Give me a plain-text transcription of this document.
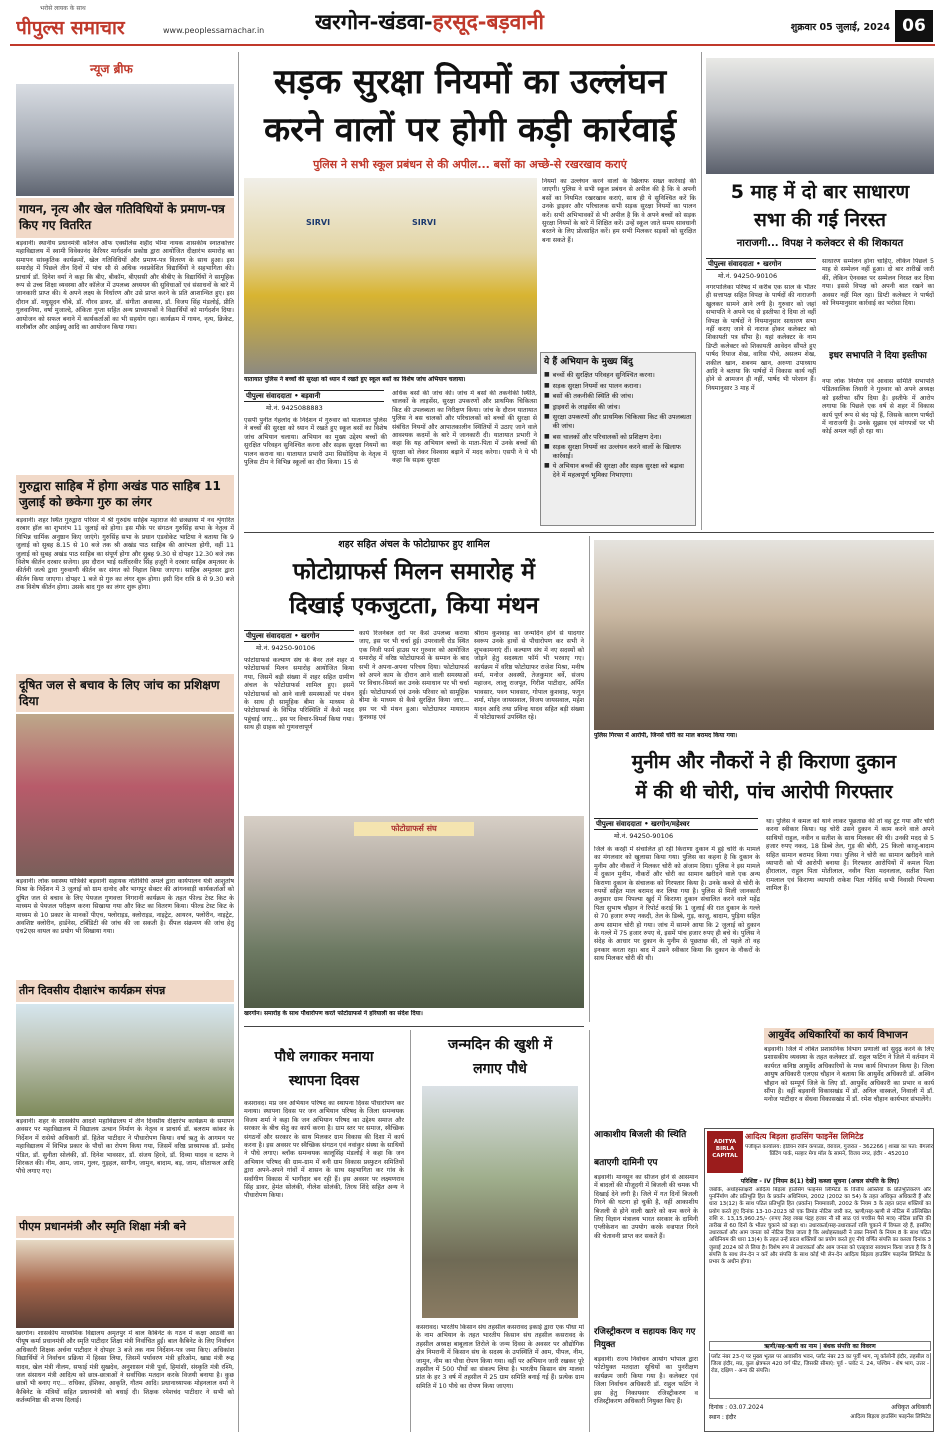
पीपुल्स समाचार
भरोसे लायक के साथ
www.peoplessamachar.in	खरगोन-खंडवा-हरसूद-बड़वानी	शुक्रवार 05 जुलाई, 2024 06
न्यूज ब्रीफ
गायन, नृत्य और खेल गतिविधियों के प्रमाण-पत्र किए गए वितरित
बड़वानी। स्थानीय प्रधानमंत्री कॉलेज ऑफ एक्सीलेंस शहीद भीमा नायक शासकीय स्नातकोत्तर महाविद्यालय में स्वामी विवेकानंद कैरियर मार्गदर्शन प्रकोष्ठ द्वारा आयोजित दीक्षारंभ समारोह का समापन सांस्कृतिक कार्यक्रमों, खेल गतिविधियों और प्रमाण-पत्र वितरण के साथ हुआ। इस समारोह में पिछले तीन दिनों में पांच सौ से अधिक नवप्रवेशित विद्यार्थियों ने सहभागिता की। प्राचार्य डॉ. दिनेश वर्मा ने कहा कि बीए, बीकॉम, बीएससी और बीबीए के विद्यार्थियों ने सामूहिक रूप से उच्च शिक्षा व्यवस्था और कॉलेज में उपलब्ध अध्ययन की सुविधाओं एवं संसाधनों के बारे में जानकारी प्राप्त की। ये अपने लक्ष्य के निर्धारण और उसे प्राप्त करने के प्रति आशान्वित हुए। इस दौरान डॉ. मधुसूदन चौबे, डॉ. गौरव डावर, डॉ. संगीता अवास्या, डॉ. विजय सिंह मंडलोई, प्रीति गुलवानिया, वर्षा मुजाल्दे, अंकिता गुप्ता सहित अन्य प्राध्यापकों ने विद्यार्थियों को मार्गदर्शन दिया। आयोजन को सफल बनाने में कार्यकर्ताओं का भी सहयोग रहा। कार्यक्रम में गायन, नृत्य, क्रिकेट, वालीबॉल और आईक्यू आदि का आयोजन किया गया।
गुरुद्वारा साहिब में होगा अखंड पाठ साहिब 11 जुलाई को छकेगा गुरु का लंगर
बड़वानी। शहर स्थित गुरुद्वारा परिसर में श्री गुरुग्रंथ साहिब महाराज की छत्रछाया में नव शृंगारित दरबार हॉल का शुभारंभ 11 जुलाई को होगा। इस मौके पर संगठन गुरुसिंह सभा के नेतृत्व में विभिन्न धार्मिक अनुष्ठान किए जाएंगे। गुरुसिंह सभा के प्रधान एडवोकेट भाटिया ने बताया कि 9 जुलाई को सुबह 8.15 से 10 बजे तक श्री अखंड पाठ साहिब की आरंभता होगी, वहीं 11 जुलाई को सुबह अखंड पाठ साहिब का संपूर्ण होगा और सुबह 9.30 से दोपहर 12.30 बजे तक विशेष कीर्तन दरबार सजेगा। इस दौरान भाई सतींदरवीर सिंह हजूरी ने दरबार साहिब अमृतसर के कीर्तनी जत्थे द्वारा गुरुवाणी कीर्तन कर संगत को निहाल किया जाएगा। साहिब अमृतसर द्वारा कीर्तन किया जाएगा। दोपहर 1 बजे से गुरु का लंगर शुरू होगा। इसी दिन रात्रि 8 से 9.30 बजे तक विशेष कीर्तन होगा। उसके बाद गुरु का लंगर शुरू होगा।
दूषित जल से बचाव के लिए जांच का प्रशिक्षण दिया
बड़वानी। लोक स्वास्थ्य यांत्रिकी बड़वानी सहायक नतिविधि अमले द्वारा कार्यपालन यंत्री आशुतोष मिश्रा के निर्देशन में 3 जुलाई को ग्राम दानोद और भागपुर सेक्टर की आंगनवाड़ी कार्यकर्ताओं को दूषित जल से बचाव के लिए पेयजल गुणवत्ता निगरानी कार्यक्रम के तहत फील्ड टेस्ट किट के माध्यम से पेयजल परीक्षण करना सिखाया गया और किट का वितरण किया। फील्ड टेस्ट किट के माध्यम से 10 प्रकार के मानकों पीएच, फ्लोराइड, क्लोराइड, नाइट्रेट, आयरन, फ्लोरीन, नाइट्रेट, अवशिष्ट क्लोरीन, हार्डनेस, टर्बिडिटी की जांच की जा सकती है। सैंपल संक्रमण की जांच हेतु एच2एस वायल का प्रयोग भी सिखाया गया।
तीन दिवसीय दीक्षारंभ कार्यक्रम संपन्न
बड़वानी। शहर के शासकीय आदर्श महाविद्यालय में तीन दिवसीय दीक्षारंभ कार्यक्रम के समापन अवसर पर महाविद्यालय में विद्यालय उत्थान निर्माण के नेतृत्व व प्राचार्य डॉ. बलराम कांकर के निर्देशन में रासेयो अधिकारी डॉ. हितेश पाटीदार ने पौधारोपण किया। वर्षा ऋतु के आगमन पर महाविद्यालय में विभिन्न प्रकार के पौधों का रोपण किया गया, जिसमें वरिष्ठ प्राध्यापक डॉ. प्रमोद पंडित, डॉ. सुनीता सोलंकी, डॉ. दिनेश भावसार, डॉ. संजय हिरवे, डॉ. दिव्या यादव व स्टाफ ने शिरकत की। नीम, आम, जाम, गुलर, गुड़हल, सागौन, जामुन, बादाम, बड़, जाम, सीताफल आदि पौधे लगाए गए।
पीएम प्रधानमंत्री और स्मृति शिक्षा मंत्री बने
खरगोन। शासकीय माध्यमिक विद्यालय अमृतपुर में बाल कैबिनेट के गठन में कक्षा आठवीं का पीयूष कर्मा प्रधानमंत्री और स्मृति पाटीदार शिक्षा मंत्री निर्वाचित हुईं। बाल कैबिनेट के लिए निर्वाचन अधिकारी शिक्षक अर्चना पाटीदार ने दोपहर 3 बजे तक नाम निर्देशन-पत्र जमा किए। अधिकांश विद्यार्थियों ने निर्वाचन प्रक्रिया में हिस्सा लिया, जिसमें पर्यावरण मंत्री हरिओम, खाद्य मंत्री रूद्र यादव, खेल मंत्री नीलम, सफाई मंत्री सुखदेव, अनुशासन मंत्री पूर्वा, हिमांशी, संस्कृति मंत्री रश्मि, जल संसाधन मंत्री आदित्य को छात्र-छात्राओं ने सर्वाधिक मतदान करके विजयी बनाया है। कुछ छात्रों भी बनाए गए... राधिका, ईशिका, आकृति, गौतम आदि। प्रधानाध्यापक मोहनलाल वर्मा ने कैबिनेट के मंत्रियों सहित प्रधानमंत्री को बधाई दी। शिक्षक रमेशचंद पाटीदार ने सभी को कर्तव्यनिष्ठा की शपथ दिलाई।
सड़क सुरक्षा नियमों का उल्लंघन
करने वालों पर होगी कड़ी कार्रवाई
पुलिस ने सभी स्कूल प्रबंधन से की अपील... बसों का अच्छे-से रखरखाव कराएं
SIRVI	SIRVI
यातायात पुलिस ने बच्चों की सुरक्षा को ध्यान में रखते हुए स्कूल बसों का विशेष जांच अभियान चलाया।
पीपुल्स संवाददाता • बड़वानी
मो.नं. 9425088883
एसपी पुनीत गेहलोद के निर्देशन में गुरुवार को यातायात पुलिस ने बच्चों की सुरक्षा को ध्यान में रखते हुए स्कूल बसों का विशेष जांच अभियान चलाया। अभियान का मुख्य उद्देश्य बच्चों की सुरक्षित परिवहन सुनिश्चित करना और सड़क सुरक्षा नियमों का पालन कराना था। यातायात प्रभारी उमा सिसोदिया के नेतृत्व में पुलिस टीम ने विभिन्न स्कूलों का दौरा किया। 15 से
अधिक बसों की जांच की। जांच में बसों की तकनीकी स्थिति, चालकों के लाइसेंस, सुरक्षा उपकरणों और प्राथमिक चिकित्सा किट की उपलब्धता का निरीक्षण किया। जांच के दौरान यातायात पुलिस ने बस चालकों और परिचालकों को बच्चों की सुरक्षा से संबंधित नियमों और आपातकालीन स्थितियों में उठाए जाने वाले आवश्यक कदमों के बारे में जानकारी दी। यातायात प्रभारी ने कहा कि यह अभियान बच्चों के माता-पिता में उनके बच्चों की सुरक्षा को लेकर विश्वास बढ़ाने में मदद करेगा। एसपी ने ये भी कहा कि सड़क सुरक्षा
नियमों का उल्लंघन करने वालों के खिलाफ सख्त कार्रवाई की जाएगी। पुलिस ने सभी स्कूल प्रबंधन से अपील की है कि वे अपनी बसों का नियमित रखरखाव कराएं, साथ ही ये सुनिश्चित करें कि उनके ड्राइवर और परिचालक सभी सड़क सुरक्षा नियमों का पालन करें। सभी अभिभावकों से भी अपील है कि वे अपने बच्चों को सड़क सुरक्षा नियमों के बारे में शिक्षित करें। उन्हें स्कूल जाते समय सावधानी बरतने के लिए प्रोत्साहित करें। हम सभी मिलकर सड़कों को सुरक्षित बना सकते हैं।
ये हैं अभियान के मुख्य बिंदु
■ बच्चों की सुरक्षित परिवहन सुनिश्चित करना।
■ सड़क सुरक्षा नियमों का पालन कराना।
■ बसों की तकनीकी स्थिति की जांच।
■ ड्राइवरों के लाइसेंस की जांच।
■ सुरक्षा उपकरणों और प्राथमिक चिकित्सा किट की उपलब्धता की जांच।
■ बस चालकों और परिचालकों को प्रशिक्षण देना।
■ सड़क सुरक्षा नियमों का उल्लंघन करने वालों के खिलाफ कार्रवाई।
■ ये अभियान बच्चों की सुरक्षा और सड़क सुरक्षा को बढ़ावा देने में महत्वपूर्ण भूमिका निभाएगा।
5 माह में दो बार साधारण
सभा की गई निरस्त
नाराजगी... विपक्ष ने कलेक्टर से की शिकायत
पीपुल्स संवाददाता • खरगोन
मो.नं. 94250-90106
नगरपालिका परिषद में करीब एक साल के भीतर ही सत्तापक्ष सहित विपक्ष के पार्षदों की नाराजगी खुलकर सामने आने लगी है। गुरुवार को जहां सभापति ने अपने पद से इस्तीफा दे दिया तो वहीं विपक्ष के पार्षदों ने नियमानुसार साधारण सभा नहीं कराए जाने से नाराज होकर कलेक्टर को शिकायती पत्र सौंपा है। यहां कलेक्टर के नाम डिप्टी कलेक्टर को शिकायती आवेदन सौंपते हुए पार्षद रियाज शेख, वारिस पौचे, असलम शेख, शकील खान, शबनम खान, अरुणा उपाध्याय आदि ने बताया कि पार्षदों में विकास कार्य नहीं होने से आमजन ही नहीं, पार्षद भी परेशान हैं। नियमानुसार 3 माह में
साधारण सम्मेलन होना चाहिए, लेकिन पिछले 5 माह से सम्मेलन नहीं हुआ। दो बार तारीखें जारी कीं, लेकिन ऐनवक्त पर सम्मेलन निरस्त कर दिया गया। इससे विपक्ष को अपनी बात रखने का अवसर नहीं मिल रहा। डिप्टी कलेक्टर ने पार्षदों को नियमानुसार कार्रवाई का भरोसा दिया।
इधर सभापति ने दिया इस्तीफा
नपा लोक निर्माण एवं आवास समिति सभापति पंडितवालिक तिवारी ने गुरुवार को अपने अध्यक्ष को इस्तीफा सौंप दिया है। इस्तीफे में आरोप लगाया कि पिछले एक वर्ष से शहर में विकास कार्य पूर्ण रूप से बंद पड़े हैं, जिसके कारण पार्षदों में नाराजगी है। उनके सुझाव एवं मांगपत्रों पर भी कोई अमल नहीं हो रहा था।
शहर सहित अंचल के फोटोग्राफर हुए शामिल
फोटोग्राफर्स मिलन समारोह में
दिखाई एकजुटता, किया मंथन
पीपुल्स संवाददाता • खरगोन
मो.नं. 94250-90106
फोटोग्राफर्स कल्याण संघ के बैनर तले शहर में फोटोग्राफर्स मिलन समारोह आयोजित किया गया, जिसमें बड़ी संख्या में शहर सहित ग्रामीण अंचल के फोटोग्राफर्स शामिल हुए। इसमें फोटोग्राफर्स को आने वाली समस्याओं पर मंथन के साथ ही सामूहिक बीमा के माध्यम से फोटोग्राफर्स के विभिन्न परिस्थिति में कैसे मदद पहुंचाई जाए... इस पर विचार-विमर्श किया गया। साथ ही ग्राहक को गुणवत्तापूर्ण
कार्य रिजनेबल दरों पर कैसे उपलब्ध कराया जाए, इस पर भी चर्चा हुई। उपरवाली रोड स्थित एक निजी फार्म हाउस पर गुरुवार को आयोजित समारोह में वरिष्ठ फोटोग्राफर्स के सम्मान के बाद सभी ने अपना-अपना परिचय दिया। फोटोग्राफर्स को अपने काम के दौरान आने वाली समस्याओं पर विचार-विमर्श कर उनके समाधान पर भी चर्चा हुई। फोटोग्राफर्स एवं उनके परिवार को सामूहिक बीमा के माध्यम से कैसे सुरक्षित किया जाए... इस पर भी मंथन हुआ। फोटोग्राफर मायाराम कुशवाह एवं
श्रीराम कुशवाह का जन्मदिन होने से यादगार स्वरूप उनके हाथों से पौधारोपण कर सभी ने शुभकामनाएं दीं। कल्याण संघ में नए सदस्यों को जोड़ने हेतु सदस्यता फॉर्म भी भरवाए गए। कार्यक्रम में वरिष्ठ फोटोग्राफर राजेश मिश्रा, मनीष वर्मा, मनोज अवस्थी, तेजकुमार बर्वे, संजय महाजन, लालू राजपूत, गिरीश पाटीदार, अर्पित भावसार, पवन भावसार, गोपाल कुशवाह, फगुन शर्मा, मोहन जायसवाल, विजय जायसवाल, महेश यादव आदि तथा प्रविन्द्र यादव सहित बड़ी संख्या में फोटोग्राफर्स उपस्थित रहे।
फोटोग्राफर्स संघ
खरगोन। समारोह के साथ पौधारोपण करते फोटोग्राफर्स ने हरियाली का संदेश दिया।
पुलिस गिरफ्त में आरोपी, जिनसे चोरी का माल बरामद किया गया।
मुनीम और नौकरों ने ही किराणा दुकान
में की थी चोरी, पांच आरोपी गिरफ्तार
पीपुल्स संवाददाता • खरगोन/महेश्वर
मो.नं. 94250-90106
जिले के करही में संचालित हो रही किराणा दुकान में हुई चोरी के मामले का मंगलवार को खुलासा किया गया। पुलिस का कहना है कि दुकान के मुनीम और नौकरों ने मिलकर चोरी को अंजाम दिया। पुलिस ने इस मामले में दुकान मुनीम, नौकरों और चोरी का सामान खरीदने वाले एक अन्य किराणा दुकान के संचालक को गिरफ्तार किया है। उनके कब्जे से चोरी के रुपयों सहित माल बरामद कर लिया गया है। पुलिस से मिली जानकारी अनुसार ग्राम पिपल्या खुर्द में किराणा दुकान संचालित करने वाले महेंद्र पिता सुभाष चौहान ने रिपोर्ट कराई कि 1 जुलाई की रात दुकान के गल्ले से 70 हजार रुपए नकदी, तेल के डिब्बे, गुड़, काजू, बादाम, पुड़िया सहित अन्य सामान चोरी हो गया। जांच में सामने आया कि 2 जुलाई को दुकान के गल्ले में 75 हजार रुपए थे, इसमें पांच हजार रुपए ही बचे थे। पुलिस ने संदेह के आधार पर दुकान के मुनीम से पूछताछ की, तो पहले तो वह इनकार करता रहा। बाद में उसने स्वीकार किया कि दुकान के नौकरों के साथ मिलकर चोरी की थी।
था। पुलिस ने कमल को थाने लाकर पूछताछ की तो वह टूट गया और चोरी करना स्वीकार किया। यह चोरी उसने दुकान में काम करने वाले अपने साथियों राहुल, नवीन व सतीश के साथ मिलकर की थी। उनकी मदद से 5 हजार रुपए नकद, 18 डिब्बे तेल, गुड़ की बोरी, 25 किलो काजू-बादाम सहित सामान बरामद किया गया। पुलिस ने चोरी का सामान खरीदने वाले व्यापारी को भी आरोपी बनाया है। गिरफ्तार आरोपियों में कमल पिता हीरालाल, राहुल पिता मोतीलाल, नवीन पिता मदनलाल, सतीश पिता रामलाल एवं किराणा व्यापारी राकेश पिता गोविंद सभी निवासी पिपल्या शामिल हैं।
पौधे लगाकर मनाया
स्थापना दिवस
कसरावद। मप्र जन अभियान परिषद का स्थापना दिवस पौधारोपण कर मनाया। स्थापना दिवस पर जन अभियान परिषद के जिला समन्वयक विजय शर्मा ने कहा कि जन अभियान परिषद का उद्देश्य समाज और सरकार के बीच सेतु का कार्य करना है। ग्राम स्तर पर समाज, स्वैच्छिक संगठनों और सरकार के साथ मिलकर ग्राम विकास की दिशा में कार्य करना है। इस अवसर पर स्वैच्छिक संगठन एवं नवांकुर संस्था के साथियों ने पौधे लगाए। ब्लॉक समन्वयक कालूसिंह मंडलोई ने कहा कि जन अभियान परिषद की ग्राम-ग्राम में बनी ग्राम विकास प्रस्फुटन समितियों द्वारा अपने-अपने गांवों में शासन के साथ सहभागिता कर गांव के सर्वांगीण विकास में भागीदार बन रही हैं। इस अवसर पर लक्ष्मणराव सिंह डावर, हेमंत सोलंकी, नीलेश सोलंकी, तिरथ शिंदे सहित अन्य ने पौधारोपण किया।
जन्मदिन की खुशी में
लगाए पौधे
कसरावद। भारतीय किसान संघ तहसील कसरावद इकाई द्वारा एक पौधा मां के नाम अभियान के तहत भारतीय किसान संघ तहसील कसरावद के तहसील अध्यक्ष बाबूलाल तिरोले के जन्म दिवस के अवसर पर औद्योगिक क्षेत्र निमरानी में किसान संघ के सदस्य के उपस्थिति में आम, पीपल, नीम, जामुन, नीम का पौधा रोपण किया गया। वहीं पर अभियान जारी रखकर पूरे तहसील में 500 पौधों का संकल्प लिया है। भारतीय किसान संघ मालवा प्रांत के हर 3 वर्ष में तहसील में 25 ग्राम समिति बनाई गई हैं। प्रत्येक ग्राम समिति में 10 पौधे का रोपण किया जाएगा।
आकाशीय बिजली की स्थिति
बताएगी दामिनी एप
बड़वानी। मानसून का सीजन होने से आसमान में बादलों की मौजूदगी में बिजली की चमक भी दिखाई देने लगी है। जिले में गत दिनों बिजली गिरने की घटना हो चुकी है, वहीं आकाशीय बिजली से होने वाली खतरे को कम करने के लिए विज्ञान मंत्रालय भारत सरकार के दामिनी एप्लीकेशन का उपयोग करके वज्रपात गिरने की चेतावनी प्राप्त कर सकते हैं।
रजिस्ट्रीकरण व सहायक किए गए नियुक्त
बड़वानी। राज्य निर्वाचन आयोग भोपाल द्वारा फोटोयुक्त मतदाता सूचियों का पुनरीक्षण कार्यक्रम जारी किया गया है। कलेक्टर एवं जिला निर्वाचन अधिकारी डॉ. राहुल फटिंग ने इस हेतु निकायवार रजिस्ट्रीकरण व रजिस्ट्रीकरण अधिकारी नियुक्त किए हैं।
आयुर्वेद अधिकारियों का कार्य विभाजन
बड़वानी। जिले में लंबित प्रशासनिक विभाग प्रणाली को सुदृढ़ करने के लिए प्रशासकीय व्यवस्था के तहत कलेक्टर डॉ. राहुल फटिंग ने जिले में वर्तमान में कार्यरत कनिष्ठ आयुर्वेद अधिकारियों के मध्य कार्य विभाजन किया है। जिला आयुष अधिकारी एलएस चौहान ने बताया कि आयुर्वेद अधिकारी डॉ. अश्विन चौहान को सम्पूर्ण जिले के लिए डॉ. आयुर्वेद अधिकारी का प्रभार व कार्य सौंपा है। वहीं बड़वानी विकासखंड में डॉ. अनिल वास्कले, निवाली में डॉ. मनोज पाटीदार व सेंधवा विकासखंड में डॉ. रमेश चौहान कार्यभार संभालेंगे।
ADITYA BIRLA CAPITAL
आदित्य बिड़ला हाउसिंग फाइनेंस लिमिटेड
पंजीकृत कार्यालय: इंडियन रेयॉन कंपाउंड, वेरावल, गुजरात - 362266 | शाखा का पता: बैंगलोर प्रिंटिंग पार्क, मल्हार मेगा मॉल के सामने, विजय नगर, इंदौर - 452010
परिशिष्ट - IV [नियम 8(1) देखें] कब्जा सूचना (अचल संपत्ति के लिए)
जबकि, अधोहस्ताक्षरी आदित्य बिड़ला हाउसिंग फाइनेंस लिमिटेड के वित्तीय आस्तियों के प्रतिभूतिकरण और पुनर्निर्माण और प्रतिभूति हित के प्रवर्तन अधिनियम, 2002 (2002 का 54) के तहत अधिकृत अधिकारी हैं और धारा 13(12) के साथ पठित प्रतिभूति हित (प्रवर्तन) नियमावली, 2002 के नियम 3 के तहत प्रदत्त शक्तियों का प्रयोग करते हुए दिनांक 13-10-2023 को एक डिमांड नोटिस जारी कर, ऋणी/सह-ऋणी से नोटिस में उल्लिखित राशि रु. 13,15,960.25/- (रुपए तेरह लाख पंद्रह हजार नौ सौ साठ एवं पच्चीस पैसे मात्र) नोटिस प्राप्ति की तारीख से 60 दिनों के भीतर चुकाने को कहा था। उधारकर्ता/सह-उधारकर्ता राशि चुकाने में विफल रहे हैं, इसलिए उधारकर्ता और आम जनता को नोटिस दिया जाता है कि अधोहस्ताक्षरी ने उक्त नियमों के नियम 8 के साथ पठित अधिनियम की धारा 13(4) के तहत उन्हें प्रदत्त शक्तियों का प्रयोग करते हुए नीचे वर्णित संपत्ति का कब्जा दिनांक 3 जुलाई 2024 को ले लिया है। विशेष रूप से उधारकर्ता और आम जनता को एतद्द्वारा सावधान किया जाता है कि वे संपत्ति के साथ लेन-देन न करें और संपत्ति के साथ कोई भी लेन-देन आदित्य बिड़ला हाउसिंग फाइनेंस लिमिटेड के प्रभार के अधीन होगा।
ऋणी/सह-ऋणी का नाम | बंधक संपत्ति का विवरण
प्लॉट नंबर 23-ए पर मुख्य भूतल पर आवासीय भवन, प्लॉट नंबर 23 का पूर्वी भाग, न्यू कॉलोनी इंदौर, तहसील व जिला इंदौर, मप्र, कुल क्षेत्रफल 420 वर्ग फीट, जिसकी सीमाएं: पूर्व - प्लॉट नं. 24, पश्चिम - शेष भाग, उत्तर - रोड, दक्षिण - अन्य की संपत्ति।
दिनांक : 03.07.2024
स्थान : इंदौर
अधिकृत अधिकारी
आदित्य बिड़ला हाउसिंग फाइनेंस लिमिटेड
